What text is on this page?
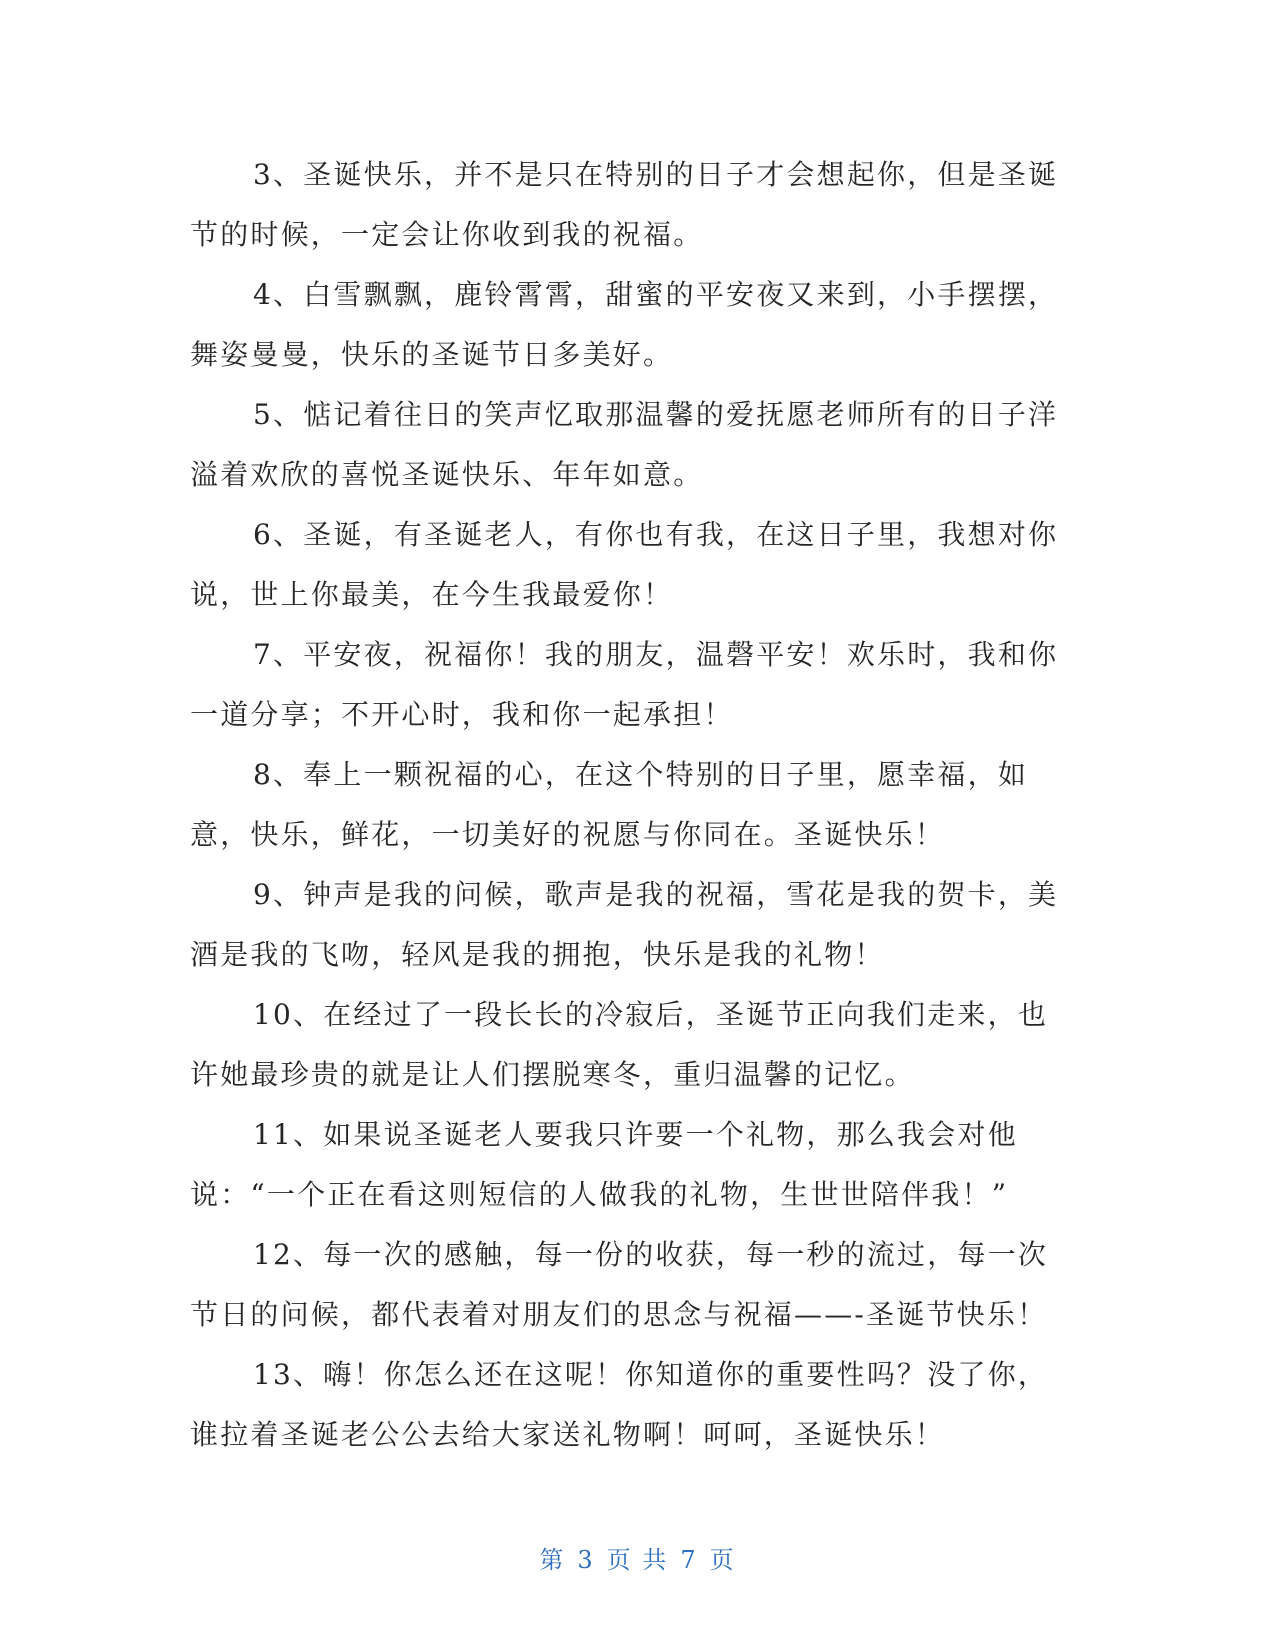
3、圣诞快乐，并不是只在特别的日子才会想起你，但是圣诞节的时候，一定会让你收到我的祝福。

4、白雪飘飘，鹿铃霄霄，甜蜜的平安夜又来到，小手摆摆，舞姿曼曼，快乐的圣诞节日多美好。

5、惦记着往日的笑声忆取那温馨的爱抚愿老师所有的日子洋溢着欢欣的喜悦圣诞快乐、年年如意。

6、圣诞，有圣诞老人，有你也有我，在这日子里，我想对你说，世上你最美，在今生我最爱你！

7、平安夜，祝福你！我的朋友，温磬平安！欢乐时，我和你一道分享；不开心时，我和你一起承担！

8、奉上一颗祝福的心，在这个特别的日子里，愿幸福，如意，快乐，鲜花，一切美好的祝愿与你同在。圣诞快乐！

9、钟声是我的问候，歌声是我的祝福，雪花是我的贺卡，美酒是我的飞吻，轻风是我的拥抱，快乐是我的礼物！

10、在经过了一段长长的冷寂后，圣诞节正向我们走来，也许她最珍贵的就是让人们摆脱寒冬，重归温馨的记忆。

11、如果说圣诞老人要我只许要一个礼物，那么我会对他说：“一个正在看这则短信的人做我的礼物，生世世陪伴我！”

12、每一次的感触，每一份的收获，每一秒的流过，每一次节日的问候，都代表着对朋友们的思念与祝福——-圣诞节快乐！

13、嗨！你怎么还在这呢！你知道你的重要性吗？没了你，谁拉着圣诞老公公去给大家送礼物啊！呵呵，圣诞快乐！

第 3 页 共 7 页
